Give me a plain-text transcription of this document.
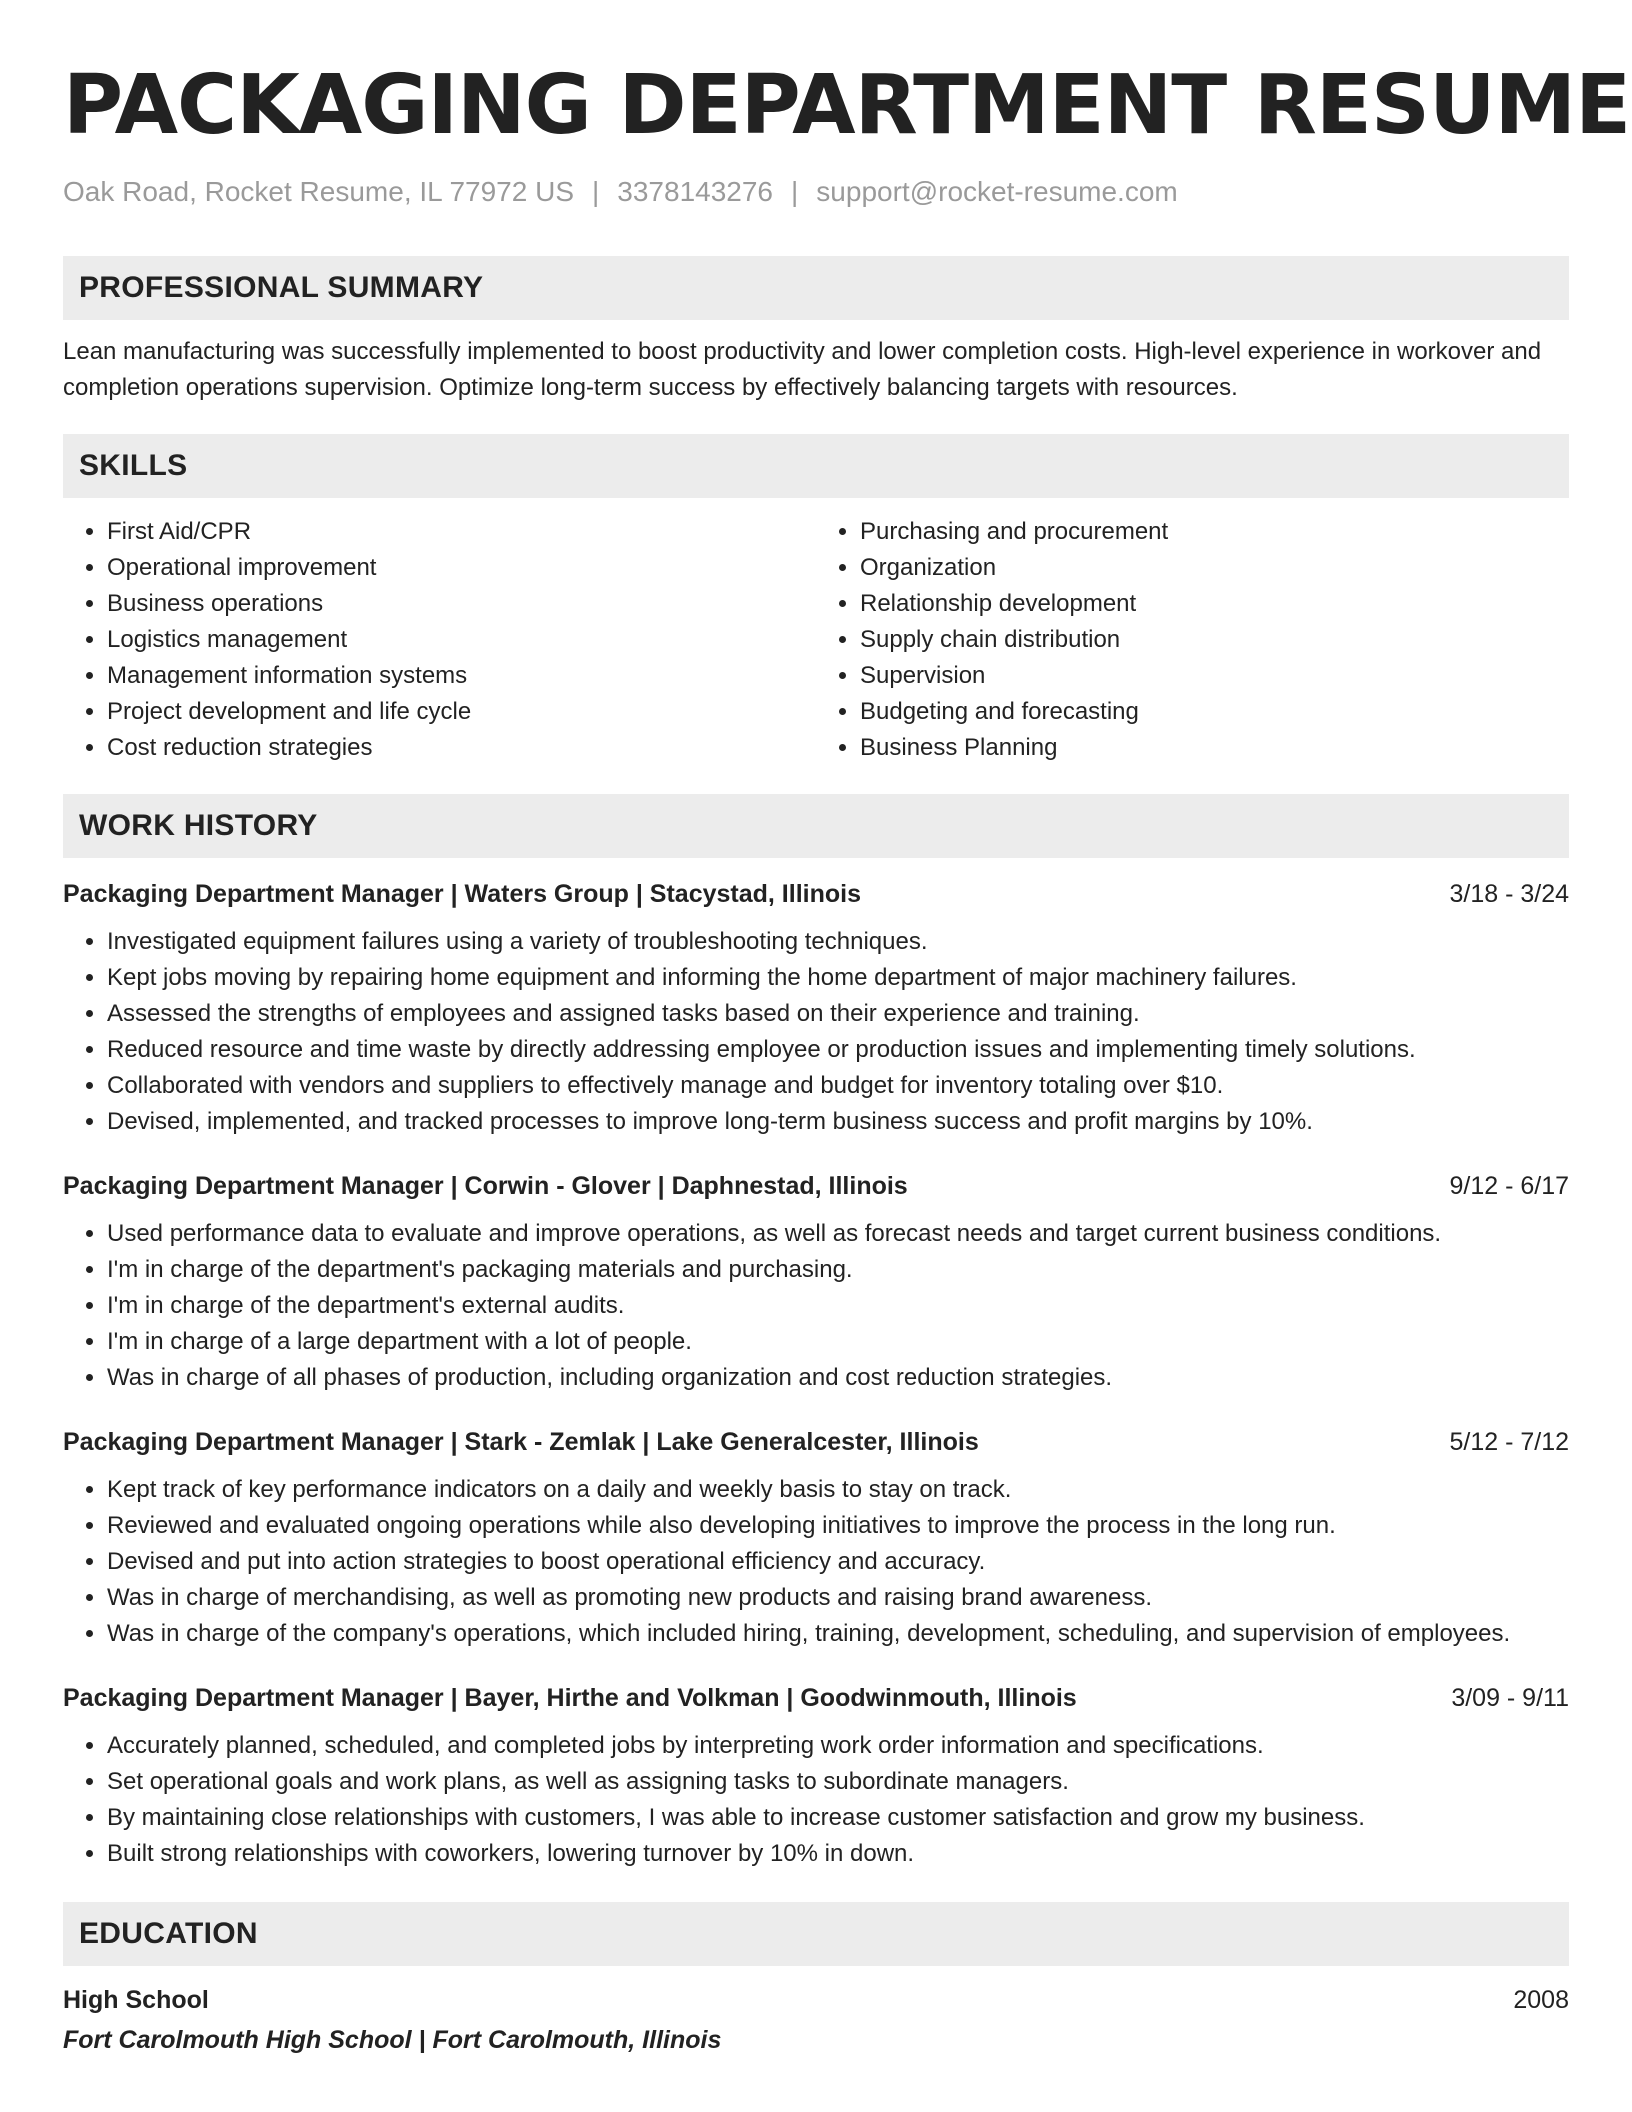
PACKAGING DEPARTMENT RESUME
Oak Road, Rocket Resume, IL 77972 US | 3378143276 | support@rocket-resume.com
PROFESSIONAL SUMMARY

Lean manufacturing was successfully implemented to boost productivity and lower completion costs. High-level experience in workover and completion operations supervision. Optimize long-term success by effectively balancing targets with resources.

SKILLS
• First Aid/CPR
• Operational improvement
• Business operations
• Logistics management
• Management information systems
• Project development and life cycle
• Cost reduction strategies
• Purchasing and procurement
• Organization
• Relationship development
• Supply chain distribution
• Supervision
• Budgeting and forecasting
• Business Planning
WORK HISTORY
Packaging Department Manager | Waters Group | Stacystad, Illinois	3/18 - 3/24
• Investigated equipment failures using a variety of troubleshooting techniques.
• Kept jobs moving by repairing home equipment and informing the home department of major machinery failures.
• Assessed the strengths of employees and assigned tasks based on their experience and training.
• Reduced resource and time waste by directly addressing employee or production issues and implementing timely solutions.
• Collaborated with vendors and suppliers to effectively manage and budget for inventory totaling over $10.
• Devised, implemented, and tracked processes to improve long-term business success and profit margins by 10%.
Packaging Department Manager | Corwin - Glover | Daphnestad, Illinois	9/12 - 6/17
• Used performance data to evaluate and improve operations, as well as forecast needs and target current business conditions.
• I'm in charge of the department's packaging materials and purchasing.
• I'm in charge of the department's external audits.
• I'm in charge of a large department with a lot of people.
• Was in charge of all phases of production, including organization and cost reduction strategies.
Packaging Department Manager | Stark - Zemlak | Lake Generalcester, Illinois	5/12 - 7/12
• Kept track of key performance indicators on a daily and weekly basis to stay on track.
• Reviewed and evaluated ongoing operations while also developing initiatives to improve the process in the long run.
• Devised and put into action strategies to boost operational efficiency and accuracy.
• Was in charge of merchandising, as well as promoting new products and raising brand awareness.
• Was in charge of the company's operations, which included hiring, training, development, scheduling, and supervision of employees.
Packaging Department Manager | Bayer, Hirthe and Volkman | Goodwinmouth, Illinois	3/09 - 9/11
• Accurately planned, scheduled, and completed jobs by interpreting work order information and specifications.
• Set operational goals and work plans, as well as assigning tasks to subordinate managers.
• By maintaining close relationships with customers, I was able to increase customer satisfaction and grow my business.
• Built strong relationships with coworkers, lowering turnover by 10% in down.
EDUCATION
High School	2008
Fort Carolmouth High School | Fort Carolmouth, Illinois
